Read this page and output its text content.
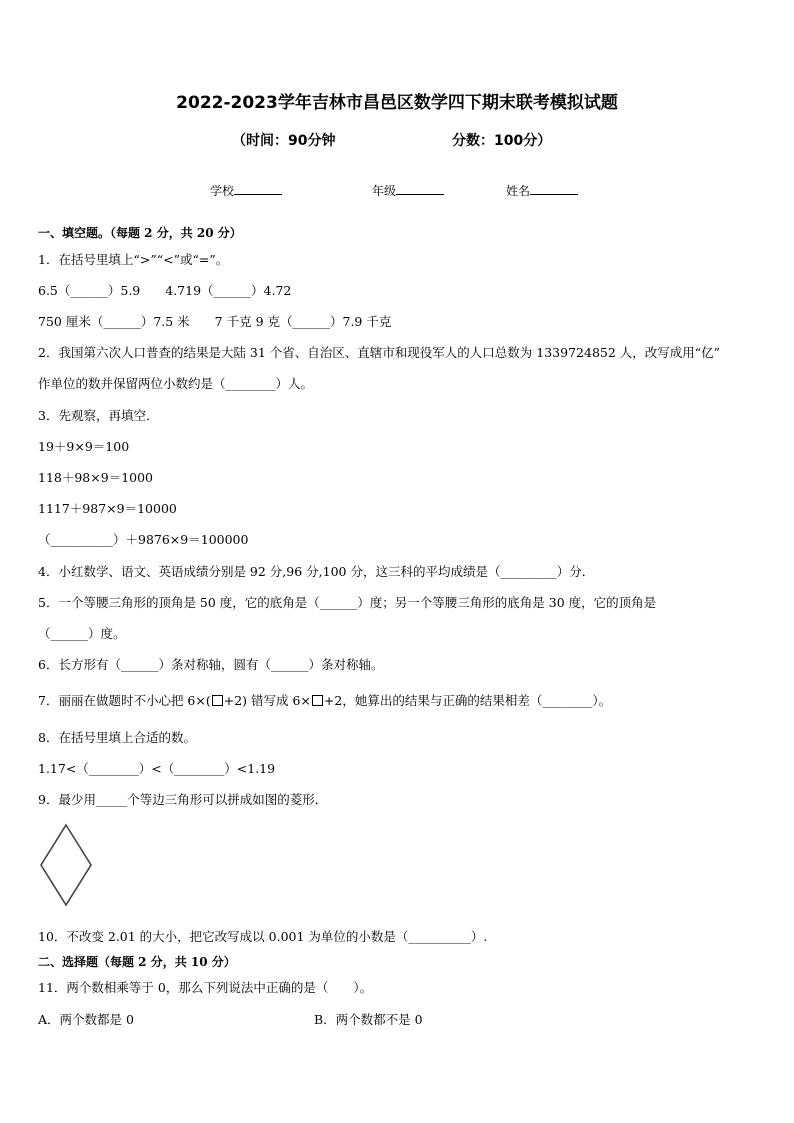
2022-2023学年吉林市昌邑区数学四下期末联考模拟试题
（时间：90分钟	分数：100分）
学校	年级	姓名
一、填空题。（每题 2 分，共 20 分）
1．在括号里填上“>”“<”或“=”。
6.5（______）5.9　　4.719（______）4.72
750 厘米（______）7.5 米　　7 千克 9 克（______）7.9 千克
2．我国第六次人口普查的结果是大陆 31 个省、自治区、直辖市和现役军人的人口总数为 1339724852 人，改写成用“亿”
作单位的数并保留两位小数约是（________）人。
3．先观察，再填空．
19＋9×9＝100
118＋98×9＝1000
1117＋987×9＝10000
（__________）＋9876×9＝100000
4．小红数学、语文、英语成绩分别是 92 分,96 分,100 分，这三科的平均成绩是（_________）分．
5．一个等腰三角形的顶角是 50 度，它的底角是（______）度；另一个等腰三角形的底角是 30 度，它的顶角是
（______）度。
6．长方形有（______）条对称轴，圆有（______）条对称轴。
7．丽丽在做题时不小心把 6×( +2) 错写成 6× +2，她算出的结果与正确的结果相差（________）。
8．在括号里填上合适的数。
1.17<（________）<（________）<1.19
9．最少用_____个等边三角形可以拼成如图的菱形．
10．不改变 2.01 的大小，把它改写成以 0.001 为单位的小数是（__________）.
二、选择题（每题 2 分，共 10 分）
11．两个数相乘等于 0，那么下列说法中正确的是（　　）。
A．两个数都是 0	B．两个数都不是 0
